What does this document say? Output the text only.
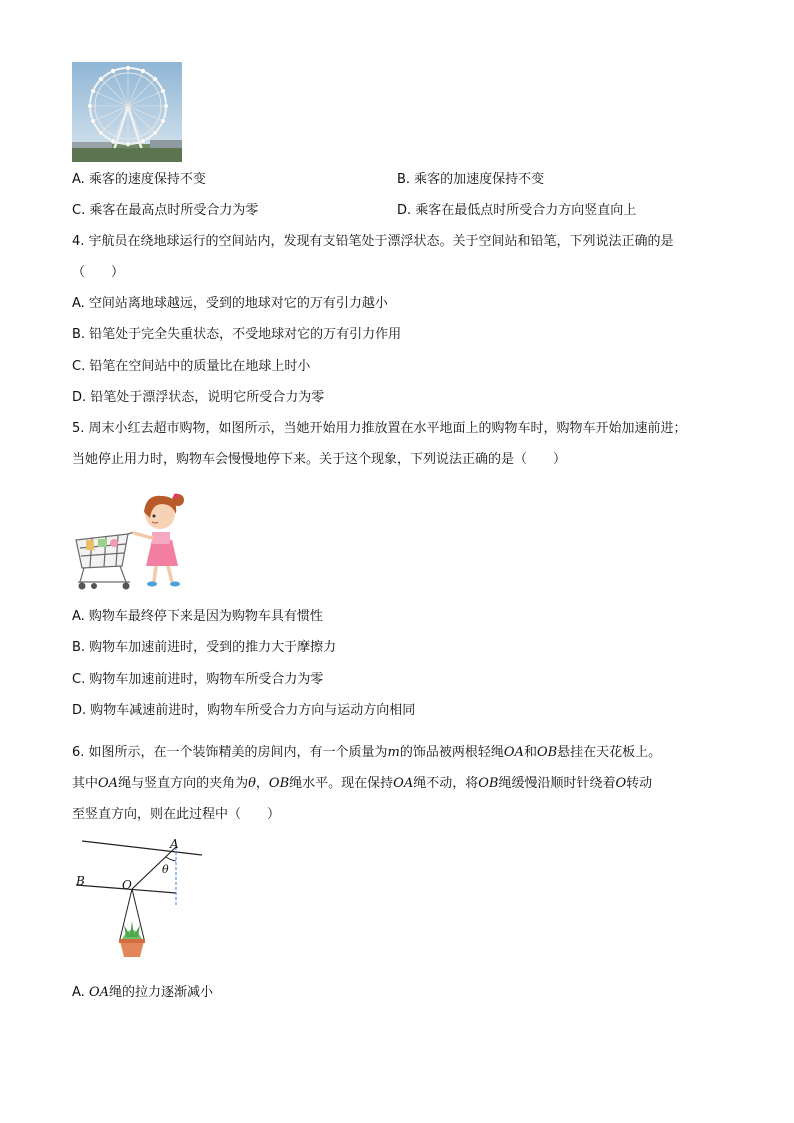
A. 乘客的速度保持不变	B. 乘客的加速度保持不变
C. 乘客在最高点时所受合力为零	D. 乘客在最低点时所受合力方向竖直向上
4. 宇航员在绕地球运行的空间站内，发现有支铅笔处于漂浮状态。关于空间站和铅笔，下列说法正确的是
（　　）
A. 空间站离地球越远，受到的地球对它的万有引力越小
B. 铅笔处于完全失重状态，不受地球对它的万有引力作用
C. 铅笔在空间站中的质量比在地球上时小
D. 铅笔处于漂浮状态，说明它所受合力为零
5. 周末小红去超市购物，如图所示，当她开始用力推放置在水平地面上的购物车时，购物车开始加速前进；
当她停止用力时，购物车会慢慢地停下来。关于这个现象，下列说法正确的是（　　）
A. 购物车最终停下来是因为购物车具有惯性
B. 购物车加速前进时，受到的推力大于摩擦力
C. 购物车加速前进时，购物车所受合力为零
D. 购物车减速前进时，购物车所受合力方向与运动方向相同
6. 如图所示，在一个装饰精美的房间内，有一个质量为m的饰品被两根轻绳OA和OB悬挂在天花板上。
其中OA绳与竖直方向的夹角为θ，OB绳水平。现在保持OA绳不动，将OB绳缓慢沿顺时针绕着O转动
至竖直方向，则在此过程中（　　）
A
B	O
θ
A. OA绳的拉力逐渐减小
